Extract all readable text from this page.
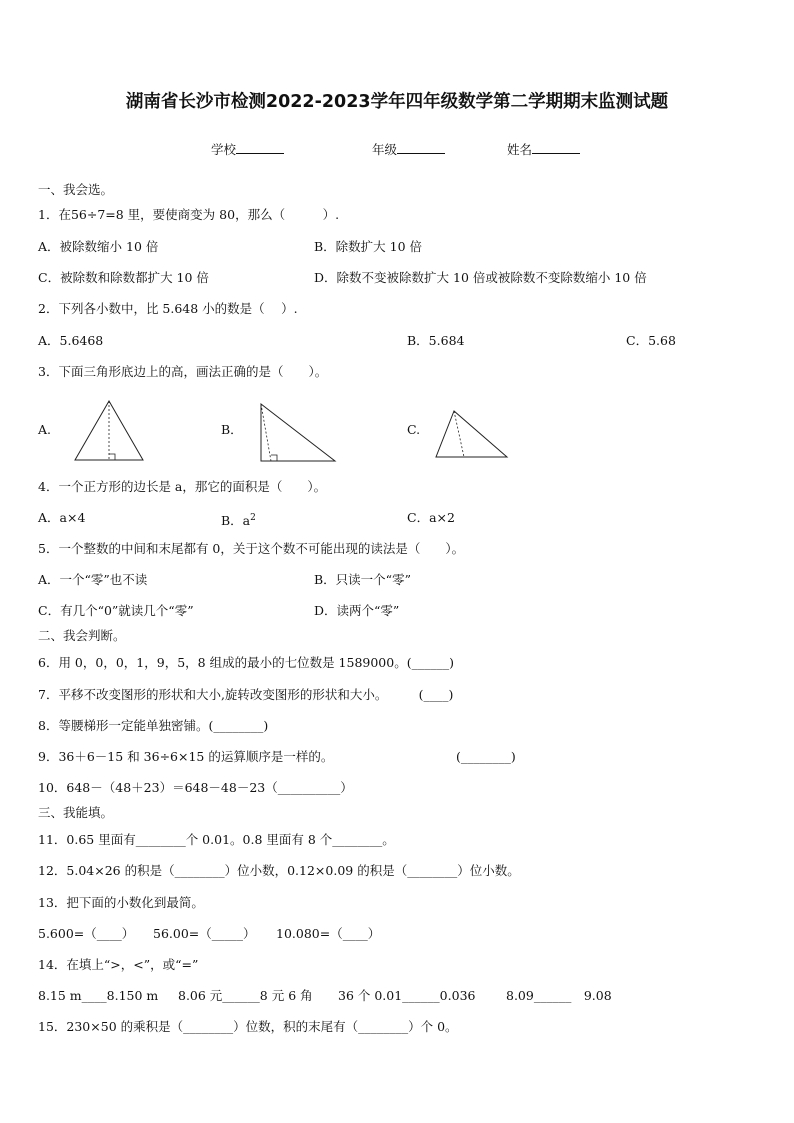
湖南省长沙市检测2022-2023学年四年级数学第二学期期末监测试题
学校	年级	姓名
一、我会选。
1．在56÷7=8 里，要使商变为 80，那么（　　　）.
A．被除数缩小 10 倍	B．除数扩大 10 倍
C．被除数和除数都扩大 10 倍	D．除数不变被除数扩大 10 倍或被除数不变除数缩小 10 倍
2．下列各小数中，比 5.648 小的数是（　 ）.
A．5.6468	B．5.684	C．5.68
3．下面三角形底边上的高，画法正确的是（　　）。
A.	B．	C.
4．一个正方形的边长是 a，那它的面积是（　　）。
A．a×4	B．$a^2$	C．a×2
5．一个整数的中间和末尾都有 0，关于这个数不可能出现的读法是（　　）。
A．一个“零”也不读	B．只读一个“零”
C．有几个“0”就读几个“零”	D．读两个“零”
二、我会判断。
6．用 0，0，0，1，9，5，8 组成的最小的七位数是 1589000。(______)
7．平移不改变图形的形状和大小,旋转改变图形的形状和大小。　　　(____)
8．等腰梯形一定能单独密铺。(________)
9．36＋6－15 和 36÷6×15 的运算顺序是一样的。	(________)
10．648－（48＋23）＝648－48－23（__________）
三、我能填。
11．0.65 里面有________个 0.01。0.8 里面有 8 个________。
12．5.04×26 的积是（________）位小数，0.12×0.09 的积是（________）位小数。
13．把下面的小数化到最简。
5.600=（____） 56.00=（_____） 10.080=（____）
14．在填上“>，<”，或“=”
8.15 m____8.150 m 8.06 元______8 元 6 角 36 个 0.01______0.036 8.09______　9.08
15．230×50 的乘积是（________）位数，积的末尾有（________）个 0。
